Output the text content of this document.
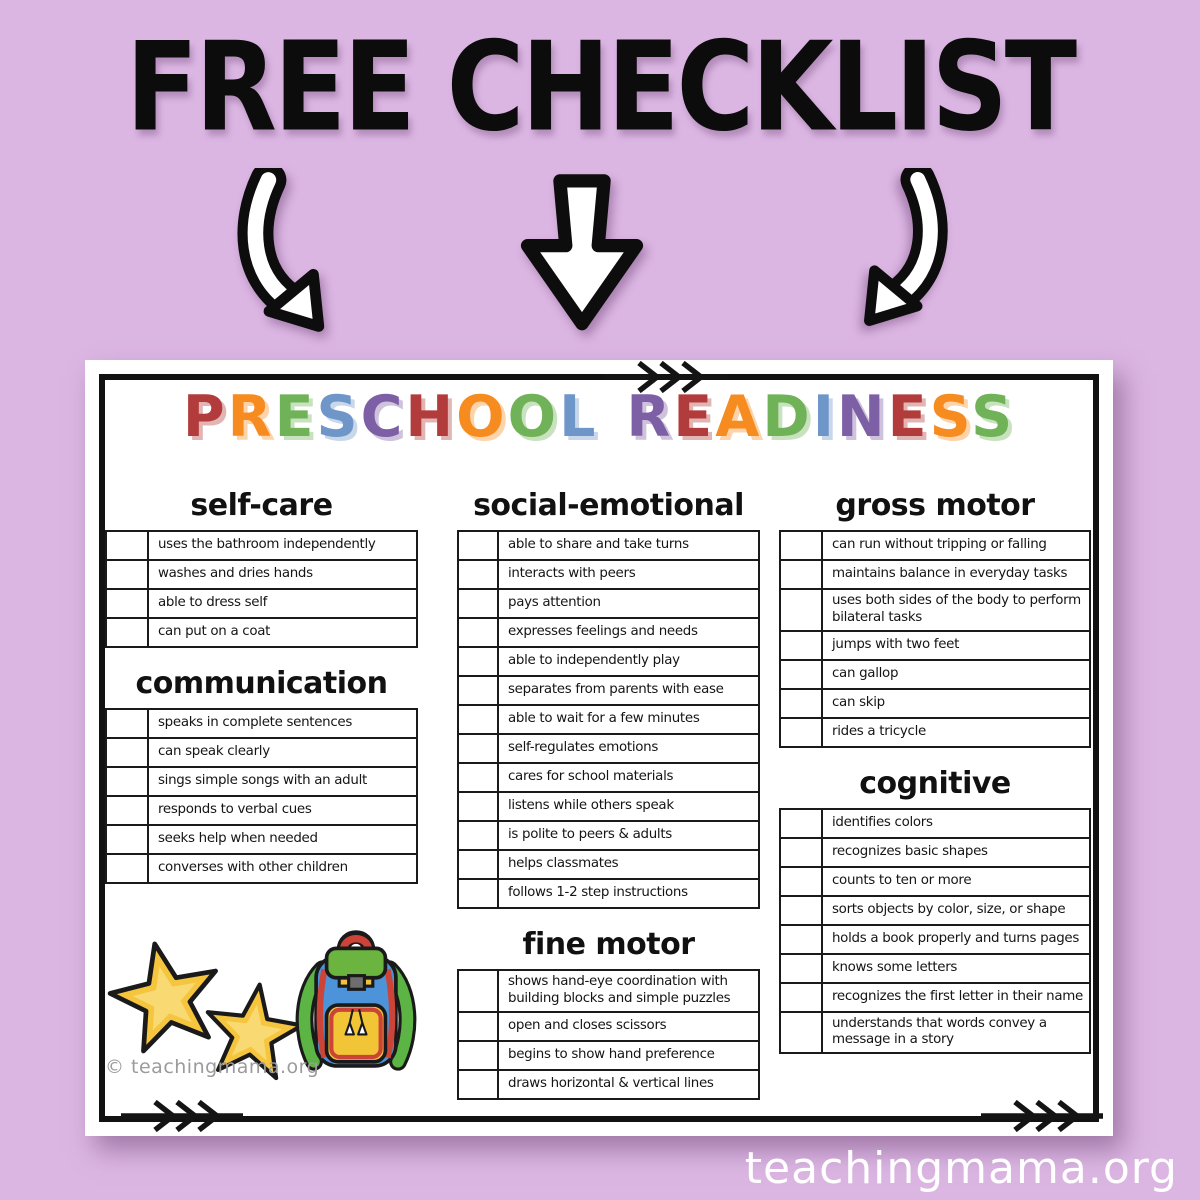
FREE CHECKLIST
PRESCHOOL READINESS
self-care
uses the bathroom independently
washes and dries hands
able to dress self
can put on a coat
communication
speaks in complete sentences
can speak clearly
sings simple songs with an adult
responds to verbal cues
seeks help when needed
converses with other children
© teachingmama.org
social-emotional
able to share and take turns
interacts with peers
pays attention
expresses feelings and needs
able to independently play
separates from parents with ease
able to wait for a few minutes
self-regulates emotions
cares for school materials
listens while others speak
is polite to peers & adults
helps classmates
follows 1-2 step instructions
fine motor
shows hand-eye coordination with building blocks and simple puzzles
open and closes scissors
begins to show hand preference
draws horizontal & vertical lines
gross motor
can run without tripping or falling
maintains balance in everyday tasks
uses both sides of the body to perform bilateral tasks
jumps with two feet
can gallop
can skip
rides a tricycle
cognitive
identifies colors
recognizes basic shapes
counts to ten or more
sorts objects by color, size, or shape
holds a book properly and turns pages
knows some letters
recognizes the first letter in their name
understands that words convey a message in a story
teachingmama.org
